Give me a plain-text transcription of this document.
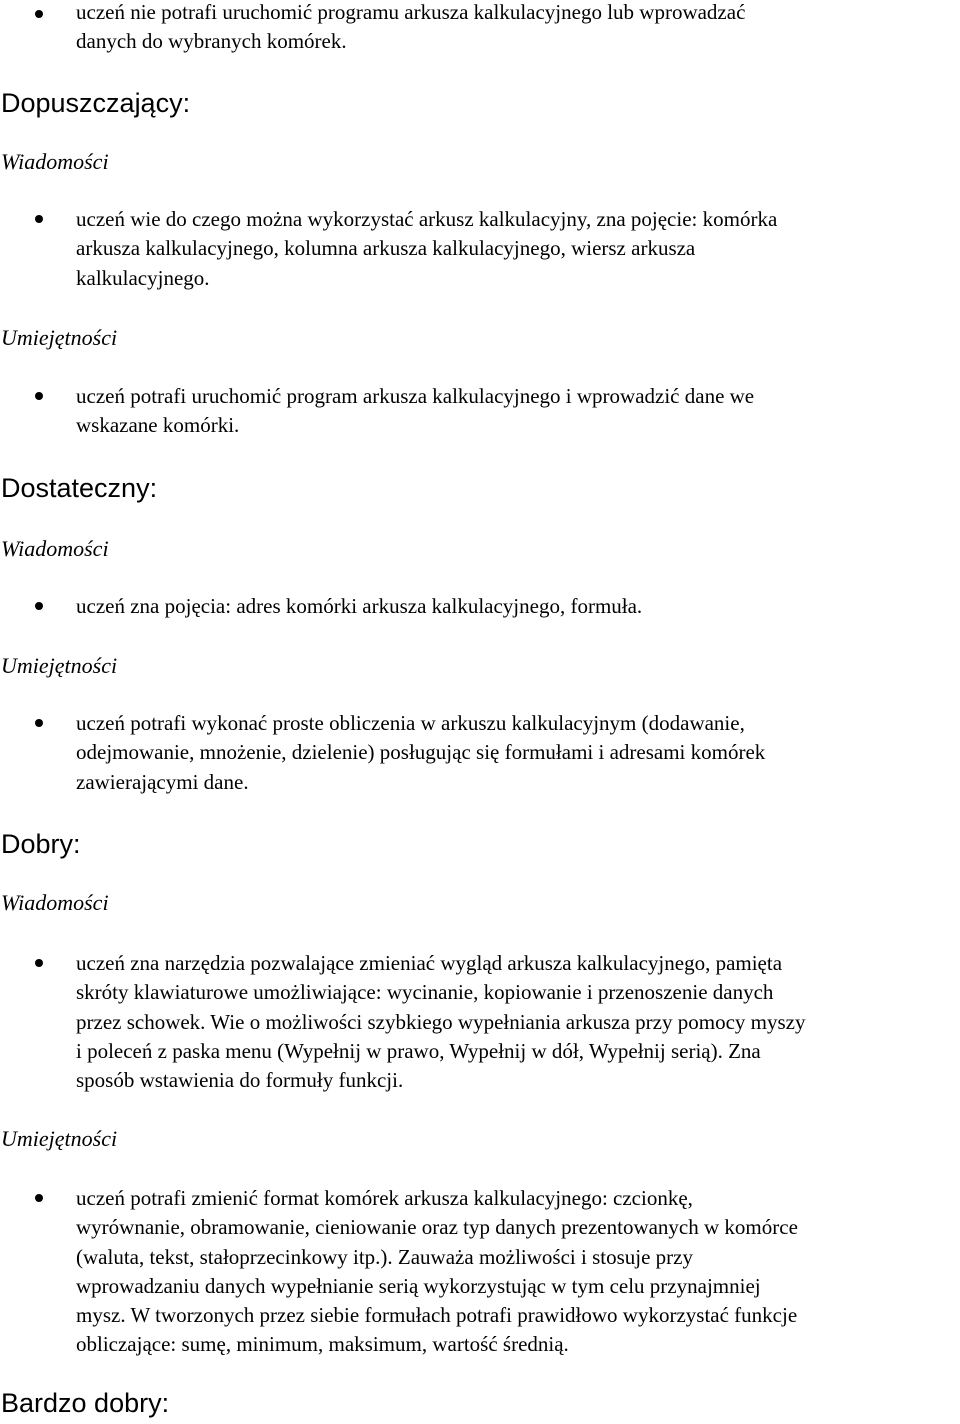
uczeń nie potrafi uruchomić programu arkusza kalkulacyjnego lub wprowadzać
danych do wybranych komórek.
Dopuszczający:
Wiadomości
uczeń wie do czego można wykorzystać arkusz kalkulacyjny, zna pojęcie: komórka
arkusza kalkulacyjnego, kolumna arkusza kalkulacyjnego, wiersz arkusza
kalkulacyjnego.
Umiejętności
uczeń potrafi uruchomić program arkusza kalkulacyjnego i wprowadzić dane we
wskazane komórki.
Dostateczny:
Wiadomości
uczeń zna pojęcia: adres komórki arkusza kalkulacyjnego, formuła.
Umiejętności
uczeń potrafi wykonać proste obliczenia w arkuszu kalkulacyjnym (dodawanie,
odejmowanie, mnożenie, dzielenie) posługując się formułami i adresami komórek
zawierającymi dane.
Dobry:
Wiadomości
uczeń zna narzędzia pozwalające zmieniać wygląd arkusza kalkulacyjnego, pamięta
skróty klawiaturowe umożliwiające: wycinanie, kopiowanie i przenoszenie danych
przez schowek. Wie o możliwości szybkiego wypełniania arkusza przy pomocy myszy
i poleceń z paska menu (Wypełnij w prawo, Wypełnij w dół, Wypełnij serią). Zna
sposób wstawienia do formuły funkcji.
Umiejętności
uczeń potrafi zmienić format komórek arkusza kalkulacyjnego: czcionkę,
wyrównanie, obramowanie, cieniowanie oraz typ danych prezentowanych w komórce
(waluta, tekst, stałoprzecinkowy itp.). Zauważa możliwości i stosuje przy
wprowadzaniu danych wypełnianie serią wykorzystując w tym celu przynajmniej
mysz. W tworzonych przez siebie formułach potrafi prawidłowo wykorzystać funkcje
obliczające: sumę, minimum, maksimum, wartość średnią.
Bardzo dobry:
